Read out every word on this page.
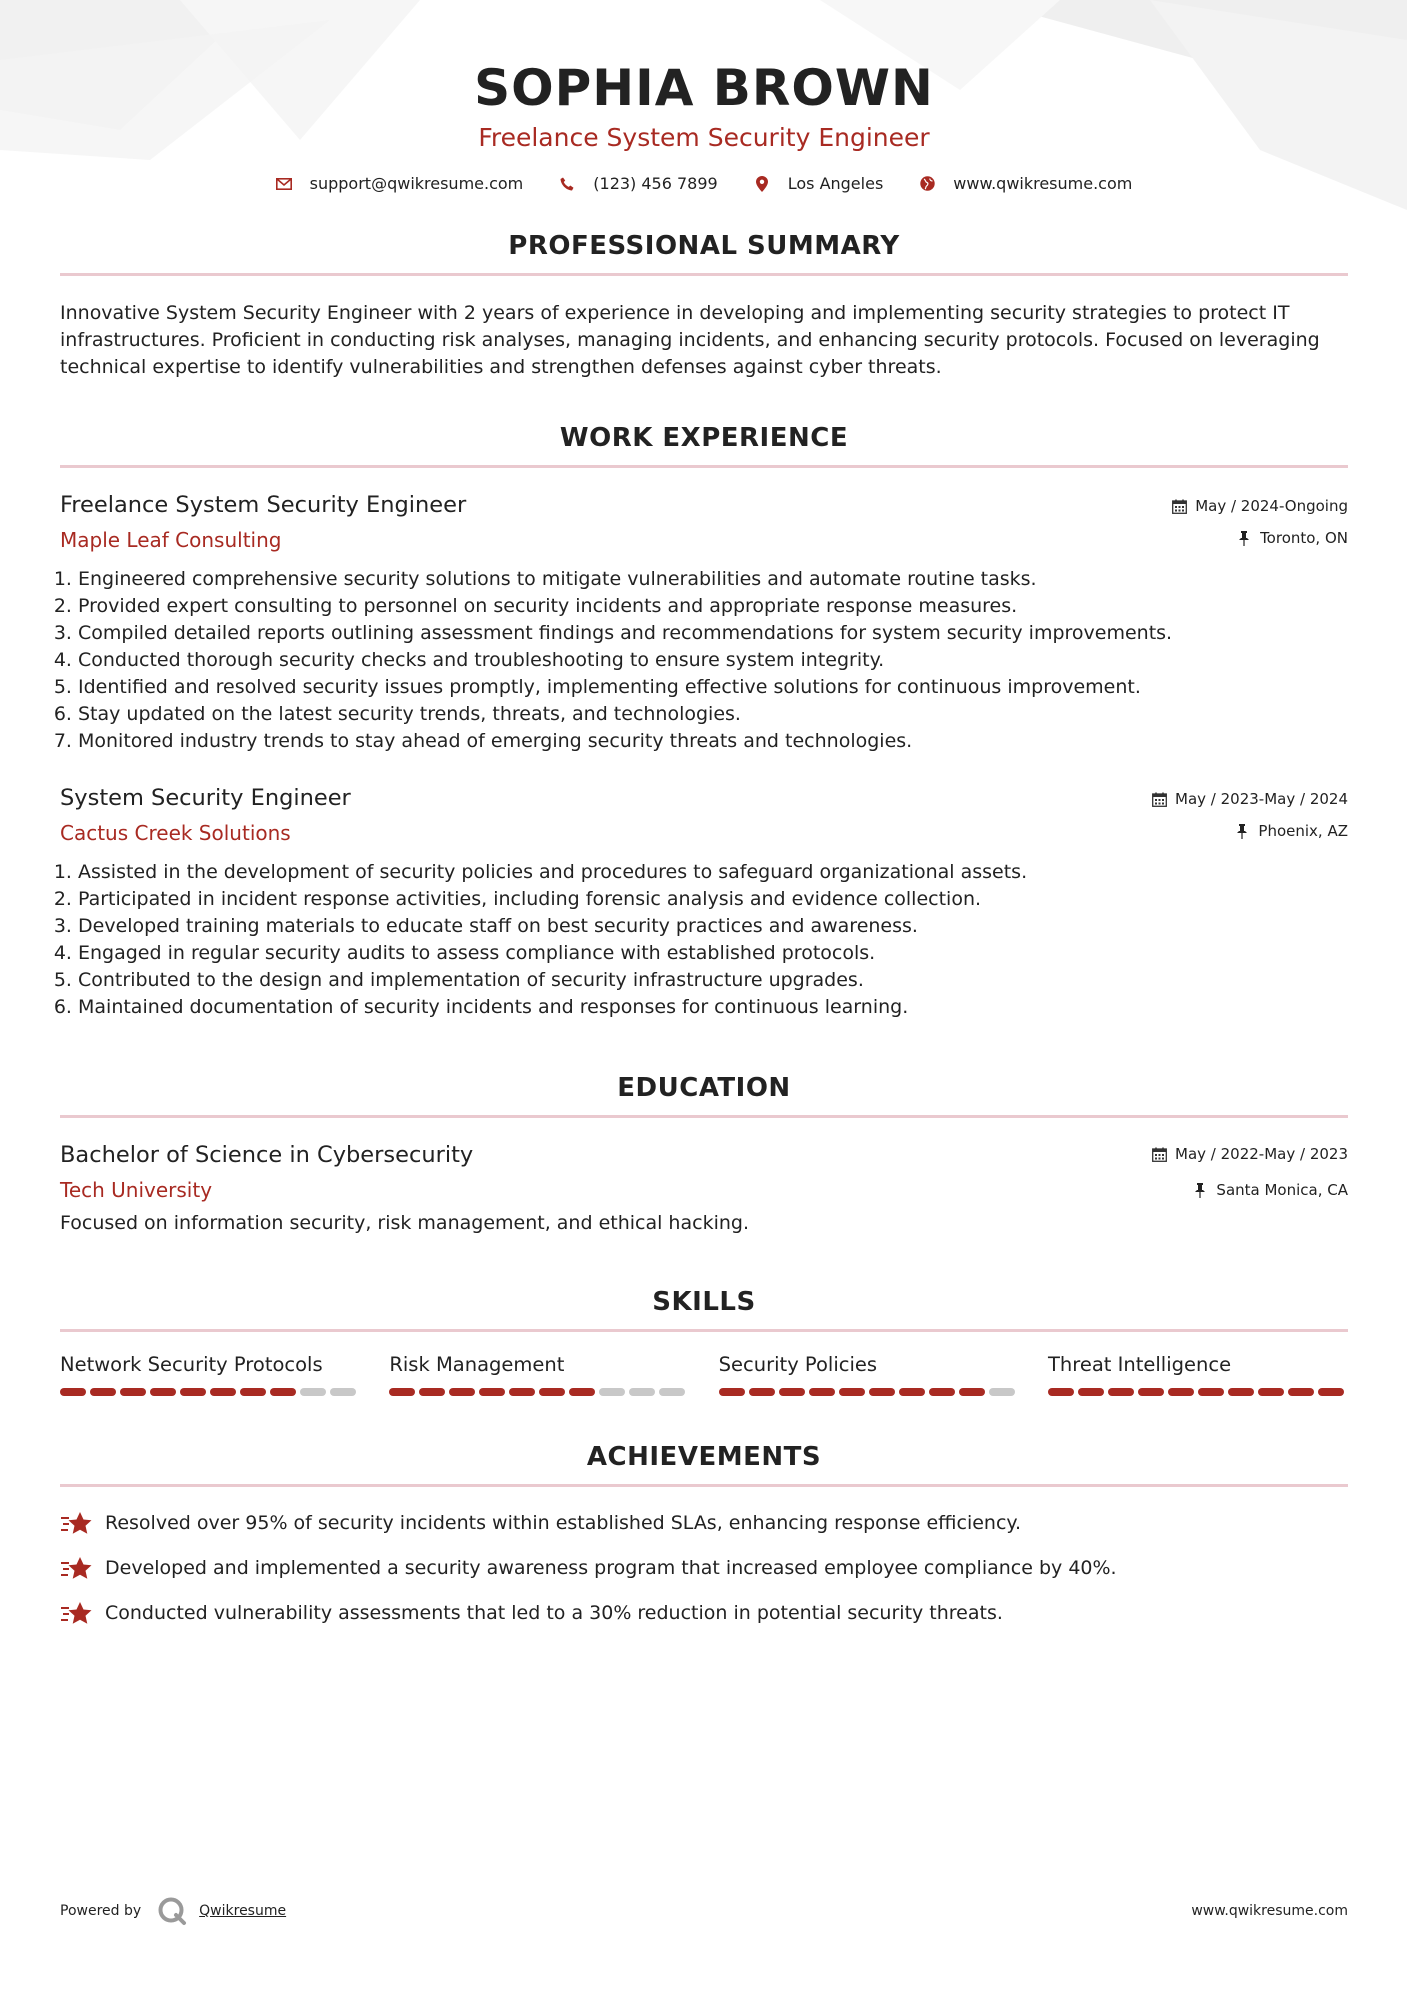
SOPHIA BROWN
Freelance System Security Engineer
support@qwikresume.com	(123) 456 7899	Los Angeles	www.qwikresume.com
PROFESSIONAL SUMMARY

Innovative System Security Engineer with 2 years of experience in developing and implementing security strategies to protect IT infrastructures. Proficient in conducting risk analyses, managing incidents, and enhancing security protocols. Focused on leveraging technical expertise to identify vulnerabilities and strengthen defenses against cyber threats.

WORK EXPERIENCE
Freelance System Security Engineer
Maple Leaf Consulting
May / 2024-Ongoing
Toronto, ON
1. Engineered comprehensive security solutions to mitigate vulnerabilities and automate routine tasks.
2. Provided expert consulting to personnel on security incidents and appropriate response measures.
3. Compiled detailed reports outlining assessment findings and recommendations for system security improvements.
4. Conducted thorough security checks and troubleshooting to ensure system integrity.
5. Identified and resolved security issues promptly, implementing effective solutions for continuous improvement.
6. Stay updated on the latest security trends, threats, and technologies.
7. Monitored industry trends to stay ahead of emerging security threats and technologies.
System Security Engineer
Cactus Creek Solutions
May / 2023-May / 2024
Phoenix, AZ
1. Assisted in the development of security policies and procedures to safeguard organizational assets.
2. Participated in incident response activities, including forensic analysis and evidence collection.
3. Developed training materials to educate staff on best security practices and awareness.
4. Engaged in regular security audits to assess compliance with established protocols.
5. Contributed to the design and implementation of security infrastructure upgrades.
6. Maintained documentation of security incidents and responses for continuous learning.
EDUCATION
Bachelor of Science in Cybersecurity
Tech University
May / 2022-May / 2023
Santa Monica, CA

Focused on information security, risk management, and ethical hacking.

SKILLS
Network Security Protocols	Risk Management	Security Policies	Threat Intelligence
ACHIEVEMENTS
Resolved over 95% of security incidents within established SLAs, enhancing response efficiency.
Developed and implemented a security awareness program that increased employee compliance by 40%.
Conducted vulnerability assessments that led to a 30% reduction in potential security threats.
Powered by	Qwikresume	www.qwikresume.com
